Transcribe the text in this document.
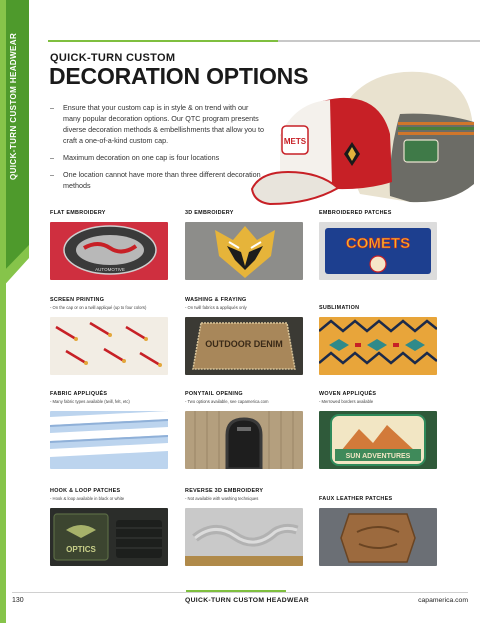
QUICK-TURN CUSTOM HEADWEAR	QUICK-TURN CUSTOM
DECORATION OPTIONS
– Ensure that your custom cap is in style & on trend with our many popular decoration options. Our QTC program presents diverse decoration methods & embellishments that allow you to craft a one-of-a-kind custom cap.
– Maximum decoration on one cap is four locations
– One location cannot have more than three different decoration methods
METS
FLAT EMBROIDERY
AUTOMOTIVE
3D EMBROIDERY	EMBROIDERED PATCHES
COMETS
SCREEN PRINTING
- On the cap or on a twill appliqué (up to four colors)
WASHING & FRAYING
- On twill fabrics & appliqués only
OUTDOOR DENIM
SUBLIMATION
FABRIC APPLIQUÉS
- Many fabric types available (twill, felt, etc)
PONYTAIL OPENING
- Two options available, see capamerica.com
WOVEN APPLIQUÉS
- Merrowed borders available
SUN ADVENTURES
HOOK & LOOP PATCHES
- Hook & loop available in black or white
OPTICS
REVERSE 3D EMBROIDERY
- Not available with washing techniques	FAUX LEATHER PATCHES
130	QUICK-TURN CUSTOM HEADWEAR	capamerica.com
